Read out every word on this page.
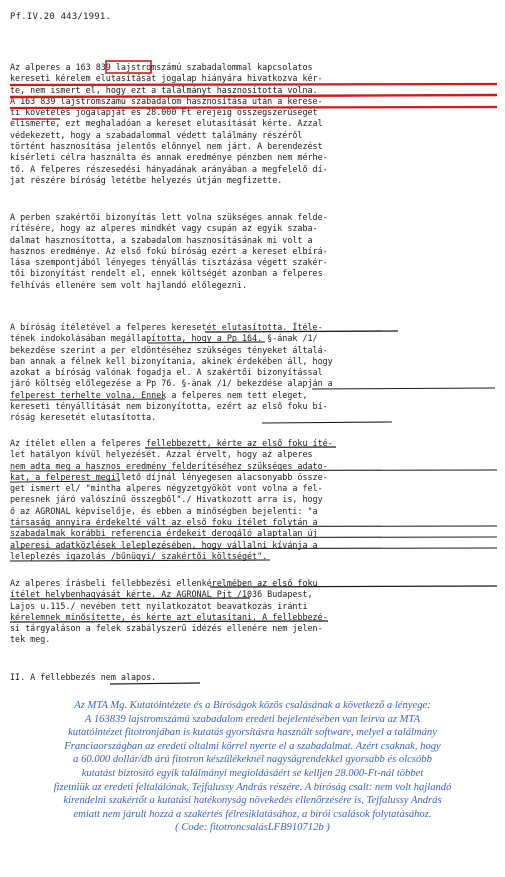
Pf.IV.20 443/1991.
Az alperes a 163 839 lajstromszámú szabadalommal kapcsolatos
kereseti kérelem elutasítását jogalap hiányára hivatkozva kér-
te, nem ismert el, hogy ezt a találmányt hasznosította volna.
A 163 839 lajstromszámú szabadalom hasznosítása után a kerese-
ti követelés jogalapját és 28.000 Ft erejéig összegszerűségét
elismerte, ezt meghaladóan a kereset elutasítását kérte. Azzal
védekezett, hogy a szabadalommal védett találmány részéről
történt hasznosítása jelentős előnnyel nem járt. A berendezést
kísérleti célra használta és annak eredménye pénzben nem mérhe-
tő. A felperes részesedési hányadának arányában a megfelelő dí-
jat részére bíróság letétbe helyezés útján megfizette.
A perben szakértői bizonyítás lett volna szükséges annak felde-
rítésére, hogy az alperes mindkét vagy csupán az egyik szaba-
dalmat hasznosította, a szabadalom hasznosításának mi volt a
hasznos eredménye. Az első fokú bíróság ezért a kereset elbírá-
lása szempontjából lényeges tényállás tisztázása végett szakér-
tői bizonyítást rendelt el, ennek költségét azonban a felperes
felhívás ellenére sem volt hajlandó előlegezni.
A bíróság ítéletével a felperes keresetét elutasította. Ítéle-
tének indokolásában megállapította, hogy a Pp 164. §-ának /1/
bekezdése szerint a per eldöntéséhez szükséges tényeket általá-
ban annak a félnek kell bizonyítania, akinek érdekében áll, hogy
azokat a bíróság valónak fogadja el. A szakértői bizonyítással
járó költség előlegezése a Pp 76. §-ának /1/ bekezdése alapján a
felperest terhelte volna. Ennek a felperes nem tett eleget,
kereseti tényállítását nem bizonyította, ezért az első foku bí-
róság keresetét elutasította.
Az ítélet ellen a felperes fellebbezett, kérte az első foku íté-
let hatályon kívül helyezését. Azzal érvelt, hogy az alperes
nem adta meg a hasznos eredmény felderítéséhez szükséges adato-
kat, a felperest megillető díjnál lényegesen alacsonyabb össze-
get ismert el/ "mintha alperes négyzetgyököt vont volna a fel-
peresnek járó valószínű összegből"./ Hivatkozott arra is, hogy
ő az AGRONAL képviselője, és ebben a minőségben bejelenti: "a
társaság annyira érdekelté vált az első foku ítélet folytán a
szabadalmak korábbi referencia érdekeit derogáló alaptalan új
alperesi adatközlések leleplezésében, hogy vállalni kívánja a
leleplezés igazolás /bűnügyi/ szakértői költségét".
Az alperes írásbeli fellebbezési ellenkérelmében az első foku
ítélet helybenhagyását kérte. Az AGRONAL Pjt /1036 Budapest,
Lajos u.115./ nevében tett nyilatkozatot beavatkozás iránti
kérelemnek minősítette, és kérte azt elutasítani. A fellebbezé-
si tárgyaláson a felek szabályszerű idézés ellenére nem jelen-
tek meg.
II. A fellebbezés nem alapos.
Az MTA Mg. Kutatóintézete és a Bíróságok közös csalásának a következő a lényege:
A 163839 lajstromszámú szabadalom eredeti bejelentésében van leírva az MTA
kutatóintézet fitotronjában is kutatás gyorsításra használt software, melyel a találmány
Franciaországban az eredeti oltalmi körrel nyerte el a szabadalmat. Azért csaknak, hogy
a 60.000 dollár/db árú fitotron készülékeknél nagyságrendekkel gyorsabb és olcsóbb
kutatást biztosító egyik találmányi megioldásáért se kelljen 28.000-Ft-nál többet
fizetniük az eredeti feltalálónak, Tejfalussy András részére. A bíróság csalt: nem volt hajlandó
kirendelni szakértőt a kutatási hatékonyság növekedés ellenőrzésére is, Tejfalussy András
emiatt nem járult hozzá a szakértés félresiklatásához, a bírói csalások folytatásához.
( Code: fitotroncsalásLFB910712b )
